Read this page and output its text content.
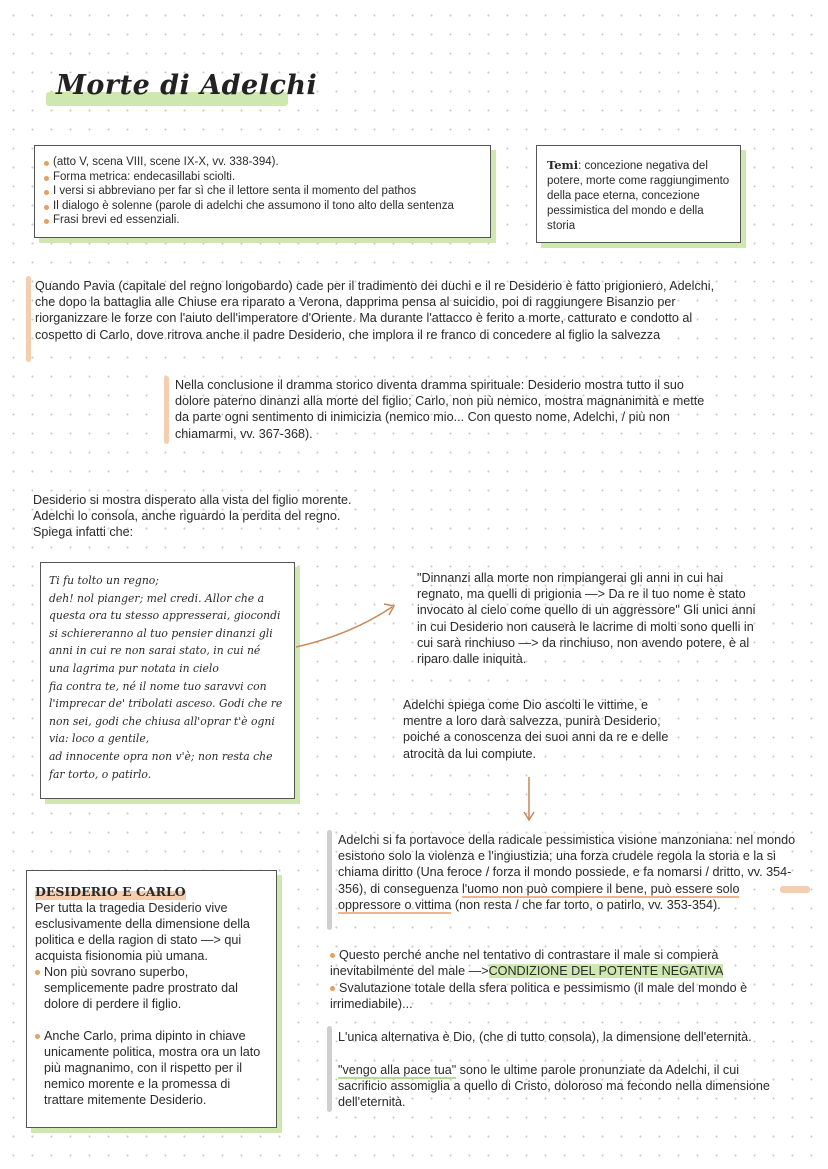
Morte di Adelchi
(atto V, scena VIII, scene IX-X, vv. 338-394).
Forma metrica: endecasillabi sciolti.
I versi si abbreviano per far sì che il lettore senta il momento del pathos
Il dialogo è solenne (parole di adelchi che assumono il tono alto della sentenza
Frasi brevi ed essenziali.
Temi: concezione negativa del potere, morte come raggiungimento della pace eterna, concezione pessimistica del mondo e della storia
Quando Pavia (capitale del regno longobardo) cade per il tradimento dei duchi e il re Desiderio è fatto prigioniero, Adelchi, che dopo la battaglia alle Chiuse era riparato a Verona, dapprima pensa al suicidio, poi di raggiungere Bisanzio per riorganizzare le forze con l'aiuto dell'imperatore d'Oriente. Ma durante l'attacco è ferito a morte, catturato e condotto al cospetto di Carlo, dove ritrova anche il padre Desiderio, che implora il re franco di concedere al figlio la salvezza
Nella conclusione il dramma storico diventa dramma spirituale: Desiderio mostra tutto il suo dolore paterno dinanzi alla morte del figlio; Carlo, non più nemico, mostra magnanimità e mette da parte ogni sentimento di inimicizia (nemico mio... Con questo nome, Adelchi, / più non chiamarmi, vv. 367-368).
Desiderio si mostra disperato alla vista del figlio morente. Adelchi lo consola, anche riguardo la perdita del regno. Spiega infatti che:
Ti fu tolto un regno;
deh! nol pianger; mel credi. Allor che a
questa ora tu stesso appresserai, giocondi
si schiereranno al tuo pensier dinanzi gli
anni in cui re non sarai stato, in cui né
una lagrima pur notata in cielo
fia contra te, né il nome tuo saravvi con
l'imprecar de' tribolati asceso. Godi che re
non sei, godi che chiusa all'oprar t'è ogni
via: loco a gentile,
ad innocente opra non v'è; non resta che
far torto, o patirlo.
"Dinnanzi alla morte non rimpiangerai gli anni in cui hai regnato, ma quelli di prigionia —> Da re il tuo nome è stato invocato al cielo come quello di un aggressore" Gli unici anni in cui Desiderio non causerà le lacrime di molti sono quelli in cui sarà rinchiuso —> da rinchiuso, non avendo potere, è al riparo dalle iniquità.
Adelchi spiega come Dio ascolti le vittime, e mentre a loro darà salvezza, punirà Desiderio, poiché a conoscenza dei suoi anni da re e delle atrocità da lui compiute.
Adelchi si fa portavoce della radicale pessimistica visione manzoniana: nel mondo esistono solo la violenza e l'ingiustizia; una forza crudele regola la storia e la si chiama diritto (Una feroce / forza il mondo possiede, e fa nomarsi / dritto, vv. 354-356), di conseguenza l'uomo non può compiere il bene, può essere solo oppressore o vittima (non resta / che far torto, o patirlo, vv. 353-354).
Questo perché anche nel tentativo di contrastare il male si compierà inevitabilmente del male —>CONDIZIONE DEL POTENTE NEGATIVA
Svalutazione totale della sfera politica e pessimismo (il male del mondo è irrimediabile)...
L'unica alternativa è Dio, (che di tutto consola), la dimensione dell'eternità.
"vengo alla pace tua" sono le ultime parole pronunziate da Adelchi, il cui sacrificio assomiglia a quello di Cristo, doloroso ma fecondo nella dimensione dell'eternità.
DESIDERIO E CARLO
Per tutta la tragedia Desiderio vive esclusivamente della dimensione della politica e della ragion di stato —> qui acquista fisionomia più umana.
Non più sovrano superbo, semplicemente padre prostrato dal dolore di perdere il figlio.
Anche Carlo, prima dipinto in chiave unicamente politica, mostra ora un lato più magnanimo, con il rispetto per il nemico morente e la promessa di trattare mitemente Desiderio.
